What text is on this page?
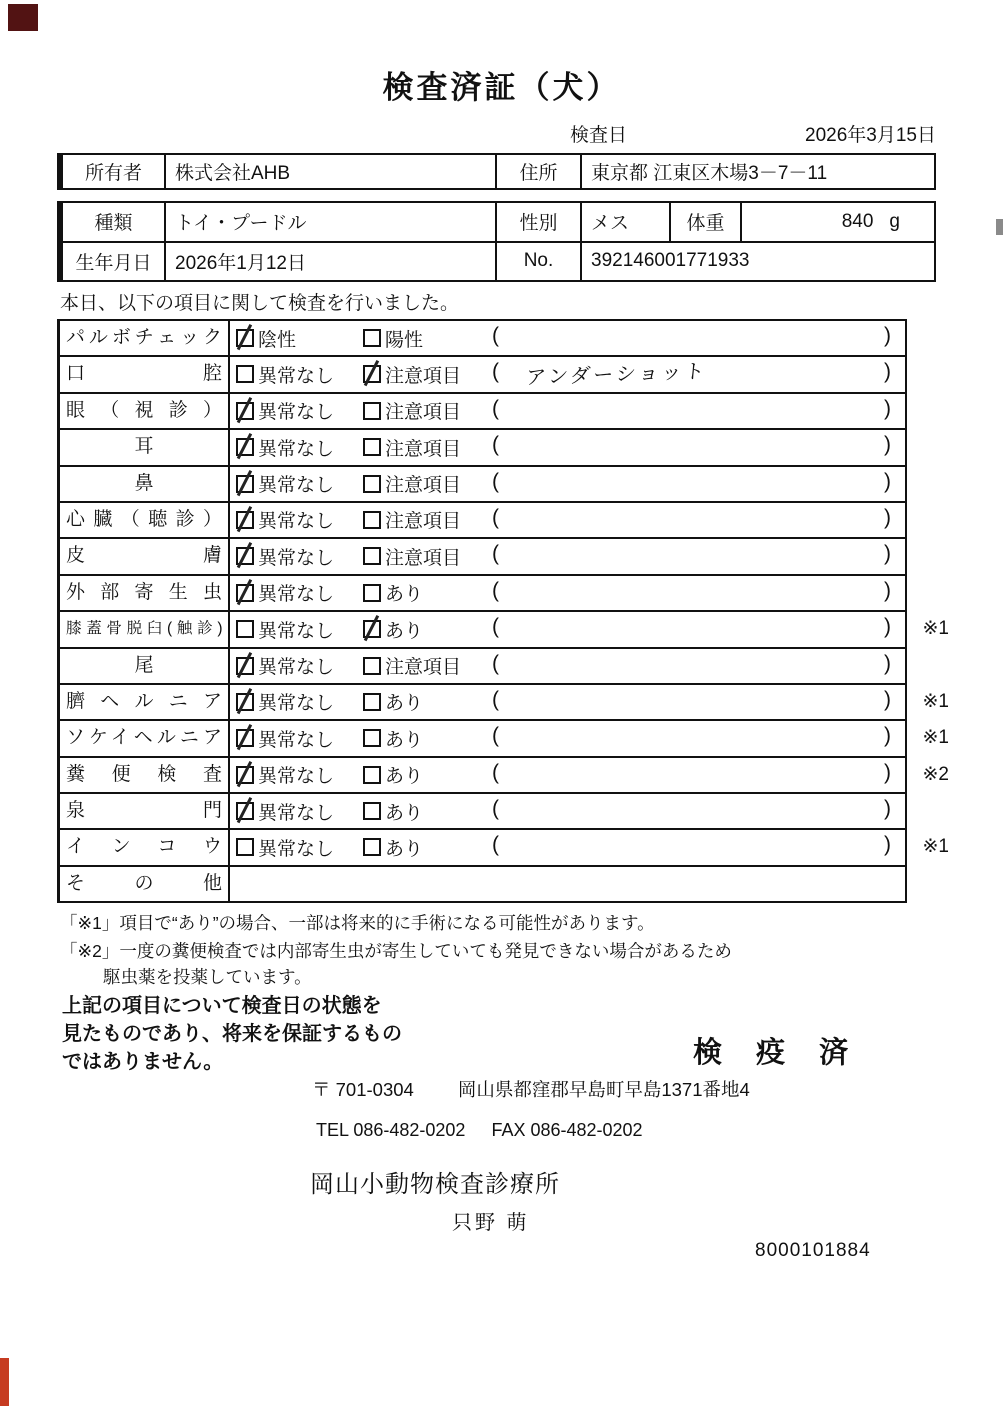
検査済証（犬）
検査日	2026年3月15日
所有者	株式会社AHB	住所	東京都 江東区木場3－7－11
種類	トイ・プードル	性別	メス	体重	840 g
生年月日	2026年1月12日	No.	392146001771933
本日、以下の項目に関して検査を行いました。
パルボチェック	陰性	陽性	(	)
口腔	異常なし	注意項目 ( アンダーショット	)
眼（視診）	異常なし	注意項目 (	)
耳	異常なし	注意項目 (	)
鼻	異常なし	注意項目 (	)
心臓（聴診）	異常なし	注意項目 (	)
皮膚	異常なし	注意項目 (	)
外部寄生虫	異常なし	あり	(	)
膝蓋骨脱臼(触診)	異常なし	あり	(	) ※1
尾	異常なし	注意項目 (	)
臍ヘルニア	異常なし	あり	(	) ※1
ソケイヘルニア	異常なし	あり	(	) ※1
糞便検査	異常なし	あり	(	) ※2
泉門	異常なし	あり	(	)
インコウ	異常なし	あり	(	) ※1
その他
「※1」項目で“あり”の場合、一部は将来的に手術になる可能性があります。
「※2」一度の糞便検査では内部寄生虫が寄生していても発見できない場合があるため
駆虫薬を投薬しています。
上記の項目について検査日の状態を
見たものであり、将来を保証するもの
ではありません。	検 疫 済
〒 701-0304 岡山県都窪郡早島町早島1371番地4
TEL 086-482-0202 FAX 086-482-0202
岡山小動物検査診療所
只野 萌
8000101884
